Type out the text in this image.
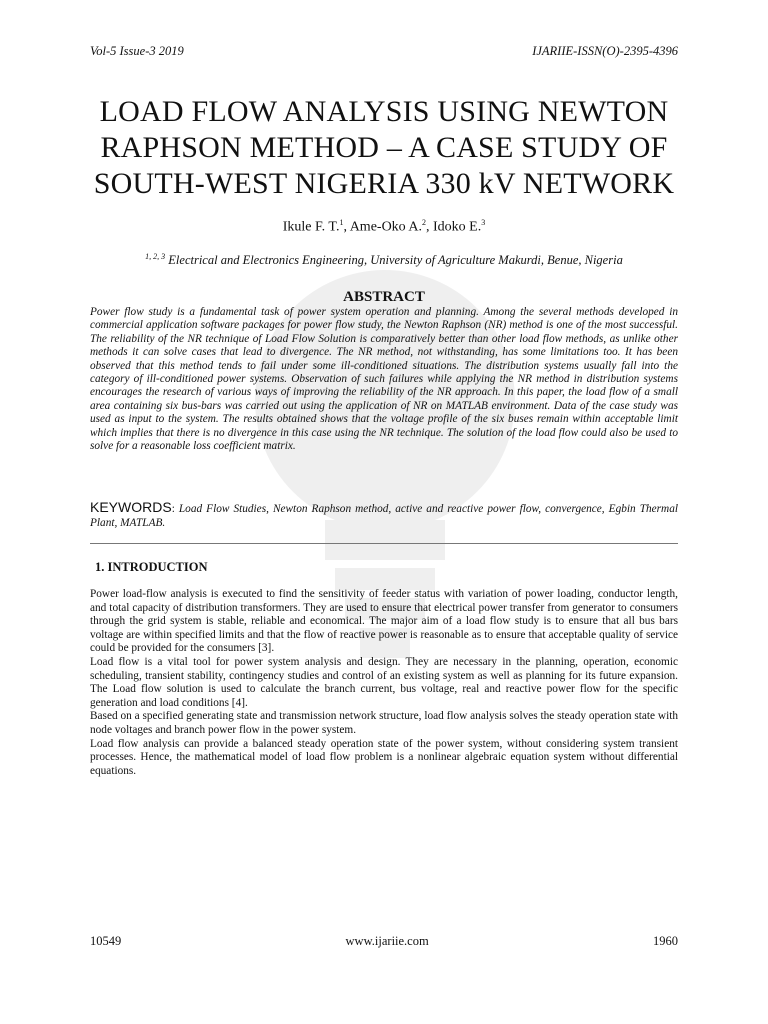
Vol-5 Issue-3 2019	IJARIIE-ISSN(O)-2395-4396
LOAD FLOW ANALYSIS USING NEWTON
RAPHSON METHOD – A CASE STUDY OF
SOUTH-WEST NIGERIA 330 kV NETWORK
Ikule F. T.$^1$, Ame-Oko A.$^2$, Idoko E.$^3$
$^{1, 2, 3}$ Electrical and Electronics Engineering, University of Agriculture Makurdi, Benue, Nigeria
ABSTRACT

Power flow study is a fundamental task of power system operation and planning. Among the several methods developed in commercial application software packages for power flow study, the Newton Raphson (NR) method is one of the most successful. The reliability of the NR technique of Load Flow Solution is comparatively better than other load flow methods, as unlike other methods it can solve cases that lead to divergence. The NR method, not withstanding, has some limitations too. It has been observed that this method tends to fail under some ill-conditioned situations. The distribution systems usually fall into the category of ill-conditioned power systems. Observation of such failures while applying the NR method in distribution systems encourages the research of various ways of improving the reliability of the NR approach. In this paper, the load flow of a small area containing six bus-bars was carried out using the application of NR on MATLAB environment. Data of the case study was used as input to the system. The results obtained shows that the voltage profile of the six buses remain within acceptable limit which implies that there is no divergence in this case using the NR technique. The solution of the load flow could also be used to solve for a reasonable loss coefficient matrix.

KEYWORDS: Load Flow Studies, Newton Raphson method, active and reactive power flow, convergence, Egbin Thermal Plant, MATLAB.

1. INTRODUCTION

Power load-flow analysis is executed to find the sensitivity of feeder status with variation of power loading, conductor length, and total capacity of distribution transformers. They are used to ensure that electrical power transfer from generator to consumers through the grid system is stable, reliable and economical. The major aim of a load flow study is to ensure that all bus bars voltage are within specified limits and that the flow of reactive power is reasonable as to ensure that acceptable quality of service could be provided for the consumers [3].

Load flow is a vital tool for power system analysis and design. They are necessary in the planning, operation, economic scheduling, transient stability, contingency studies and control of an existing system as well as planning for its future expansion. The Load flow solution is used to calculate the branch current, bus voltage, real and reactive power flow for the specific generation and load conditions [4].

Based on a specified generating state and transmission network structure, load flow analysis solves the steady operation state with node voltages and branch power flow in the power system.

Load flow analysis can provide a balanced steady operation state of the power system, without considering system transient processes. Hence, the mathematical model of load flow problem is a nonlinear algebraic equation system without differential equations.

10549	www.ijariie.com	1960
